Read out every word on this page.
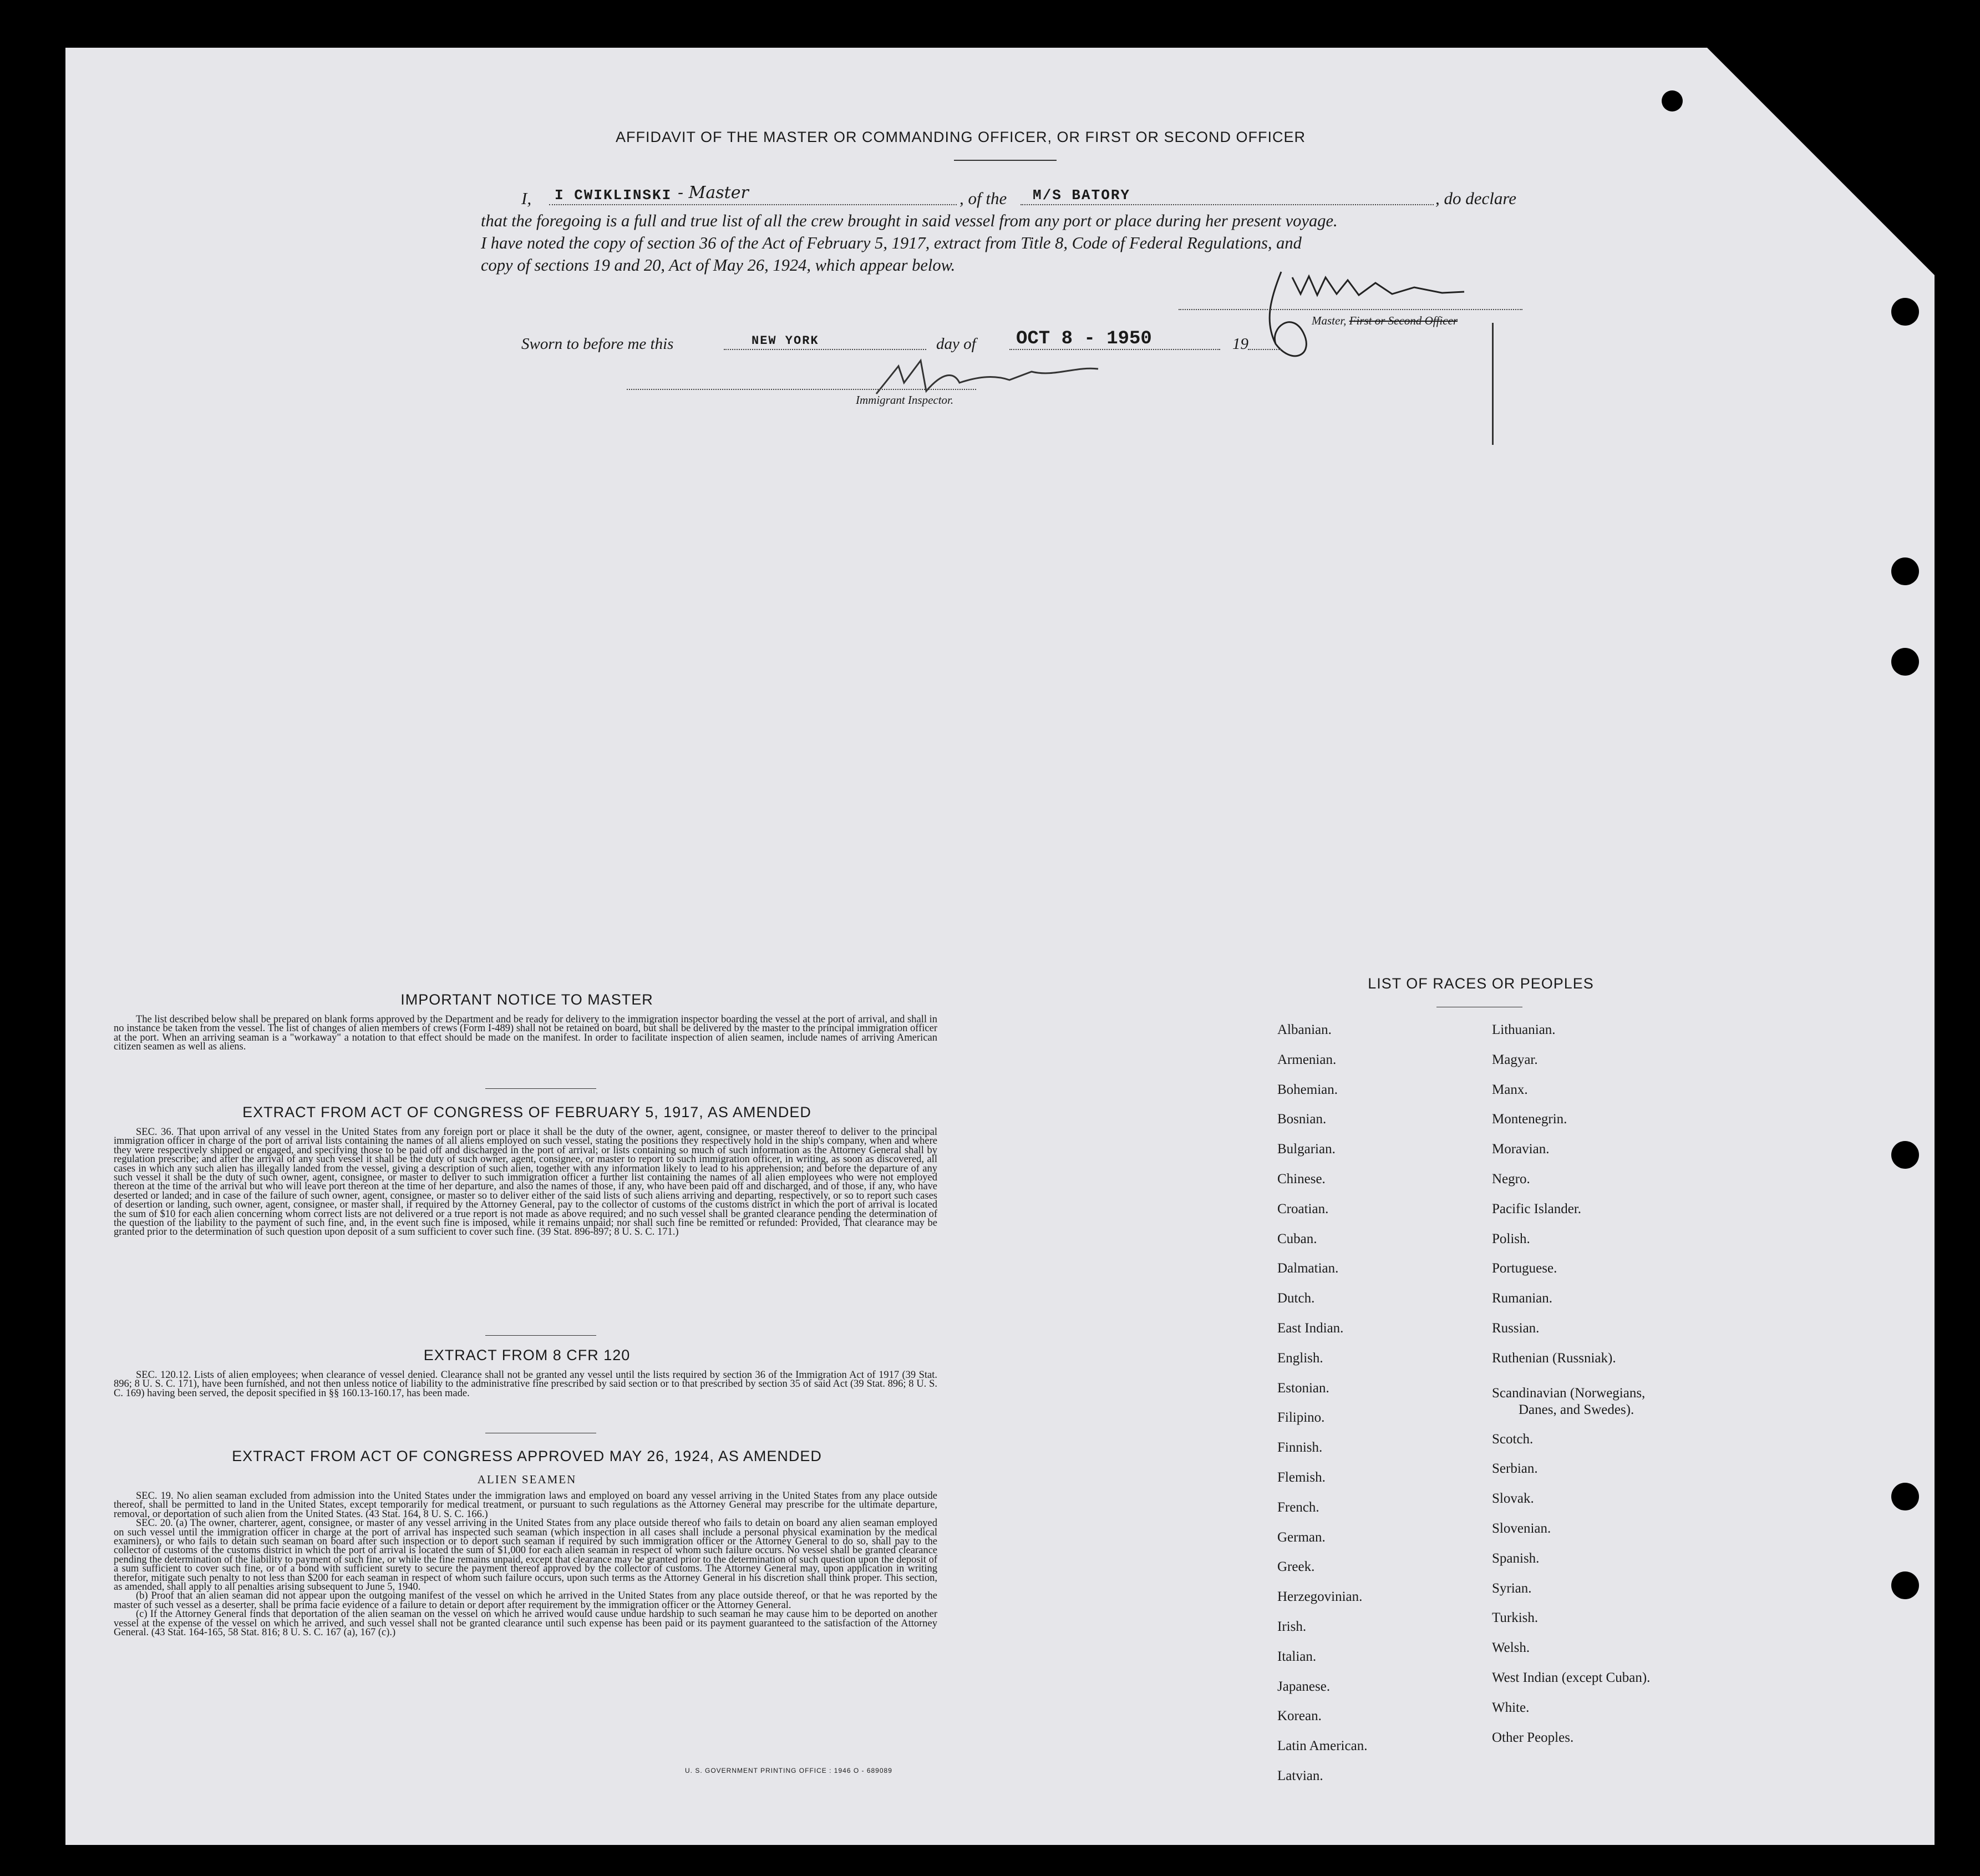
AFFIDAVIT OF THE MASTER OR COMMANDING OFFICER, OR FIRST OR SECOND OFFICER
I, I CWIKLINSKI - Master	, of the M/S BATORY	, do declare
that the foregoing is a full and true list of all the crew brought in said vessel from any port or place during her present voyage.
I have noted the copy of section 36 of the Act of February 5, 1917, extract from Title 8, Code of Federal Regulations, and
copy of sections 19 and 20, Act of May 26, 1924, which appear below.
Master, First or Second Officer
Sworn to before me this	NEW YORK	day of OCT 8 - 1950	19
Immigrant Inspector.
IMPORTANT NOTICE TO MASTER

The list described below shall be prepared on blank forms approved by the Department and be ready for delivery to the immigration inspector boarding the vessel at the port of arrival, and shall in no instance be taken from the vessel. The list of changes of alien members of crews (Form I-489) shall not be retained on board, but shall be delivered by the master to the principal immigration officer at the port. When an arriving seaman is a "workaway" a notation to that effect should be made on the manifest. In order to facilitate inspection of alien seamen, include names of arriving American citizen seamen as well as aliens.

EXTRACT FROM ACT OF CONGRESS OF FEBRUARY 5, 1917, AS AMENDED

SEC. 36. That upon arrival of any vessel in the United States from any foreign port or place it shall be the duty of the owner, agent, consignee, or master thereof to deliver to the principal immigration officer in charge of the port of arrival lists containing the names of all aliens employed on such vessel, stating the positions they respectively hold in the ship's company, when and where they were respectively shipped or engaged, and specifying those to be paid off and discharged in the port of arrival; or lists containing so much of such information as the Attorney General shall by regulation prescribe; and after the arrival of any such vessel it shall be the duty of such owner, agent, consignee, or master to report to such immigration officer, in writing, as soon as discovered, all cases in which any such alien has illegally landed from the vessel, giving a description of such alien, together with any information likely to lead to his apprehension; and before the departure of any such vessel it shall be the duty of such owner, agent, consignee, or master to deliver to such immigration officer a further list containing the names of all alien employees who were not employed thereon at the time of the arrival but who will leave port thereon at the time of her departure, and also the names of those, if any, who have been paid off and discharged, and of those, if any, who have deserted or landed; and in case of the failure of such owner, agent, consignee, or master so to deliver either of the said lists of such aliens arriving and departing, respectively, or so to report such cases of desertion or landing, such owner, agent, consignee, or master shall, if required by the Attorney General, pay to the collector of customs of the customs district in which the port of arrival is located the sum of $10 for each alien concerning whom correct lists are not delivered or a true report is not made as above required; and no such vessel shall be granted clearance pending the determination of the question of the liability to the payment of such fine, and, in the event such fine is imposed, while it remains unpaid; nor shall such fine be remitted or refunded: Provided, That clearance may be granted prior to the determination of such question upon deposit of a sum sufficient to cover such fine. (39 Stat. 896-897; 8 U. S. C. 171.)

EXTRACT FROM 8 CFR 120

SEC. 120.12. Lists of alien employees; when clearance of vessel denied. Clearance shall not be granted any vessel until the lists required by section 36 of the Immigration Act of 1917 (39 Stat. 896; 8 U. S. C. 171), have been furnished, and not then unless notice of liability to the administrative fine prescribed by said section or to that prescribed by section 35 of said Act (39 Stat. 896; 8 U. S. C. 169) having been served, the deposit specified in §§ 160.13-160.17, has been made.

EXTRACT FROM ACT OF CONGRESS APPROVED MAY 26, 1924, AS AMENDED
ALIEN SEAMEN

SEC. 19. No alien seaman excluded from admission into the United States under the immigration laws and employed on board any vessel arriving in the United States from any place outside thereof, shall be permitted to land in the United States, except temporarily for medical treatment, or pursuant to such regulations as the Attorney General may prescribe for the ultimate departure, removal, or deportation of such alien from the United States. (43 Stat. 164, 8 U. S. C. 166.)

SEC. 20. (a) The owner, charterer, agent, consignee, or master of any vessel arriving in the United States from any place outside thereof who fails to detain on board any alien seaman employed on such vessel until the immigration officer in charge at the port of arrival has inspected such seaman (which inspection in all cases shall include a personal physical examination by the medical examiners), or who fails to detain such seaman on board after such inspection or to deport such seaman if required by such immigration officer or the Attorney General to do so, shall pay to the collector of customs of the customs district in which the port of arrival is located the sum of $1,000 for each alien seaman in respect of whom such failure occurs. No vessel shall be granted clearance pending the determination of the liability to payment of such fine, or while the fine remains unpaid, except that clearance may be granted prior to the determination of such question upon the deposit of a sum sufficient to cover such fine, or of a bond with sufficient surety to secure the payment thereof approved by the collector of customs. The Attorney General may, upon application in writing therefor, mitigate such penalty to not less than $200 for each seaman in respect of whom such failure occurs, upon such terms as the Attorney General in his discretion shall think proper. This section, as amended, shall apply to all penalties arising subsequent to June 5, 1940.

(b) Proof that an alien seaman did not appear upon the outgoing manifest of the vessel on which he arrived in the United States from any place outside thereof, or that he was reported by the master of such vessel as a deserter, shall be prima facie evidence of a failure to detain or deport after requirement by the immigration officer or the Attorney General.

(c) If the Attorney General finds that deportation of the alien seaman on the vessel on which he arrived would cause undue hardship to such seaman he may cause him to be deported on another vessel at the expense of the vessel on which he arrived, and such vessel shall not be granted clearance until such expense has been paid or its payment guaranteed to the satisfaction of the Attorney General. (43 Stat. 164-165, 58 Stat. 816; 8 U. S. C. 167 (a), 167 (c).)

U. S. GOVERNMENT PRINTING OFFICE : 1946 O - 689089
LIST OF RACES OR PEOPLES
Albanian.
Armenian.
Bohemian.
Bosnian.
Bulgarian.
Chinese.
Croatian.
Cuban.
Dalmatian.
Dutch.
East Indian.
English.
Estonian.
Filipino.
Finnish.
Flemish.
French.
German.
Greek.
Herzegovinian.
Irish.
Italian.
Japanese.
Korean.
Latin American.
Latvian.
Lithuanian.
Magyar.
Manx.
Montenegrin.
Moravian.
Negro.
Pacific Islander.
Polish.
Portuguese.
Rumanian.
Russian.
Ruthenian (Russniak).
Scandinavian (Norwegians,
Danes, and Swedes).
Scotch.
Serbian.
Slovak.
Slovenian.
Spanish.
Syrian.
Turkish.
Welsh.
West Indian (except Cuban).
White.
Other Peoples.
